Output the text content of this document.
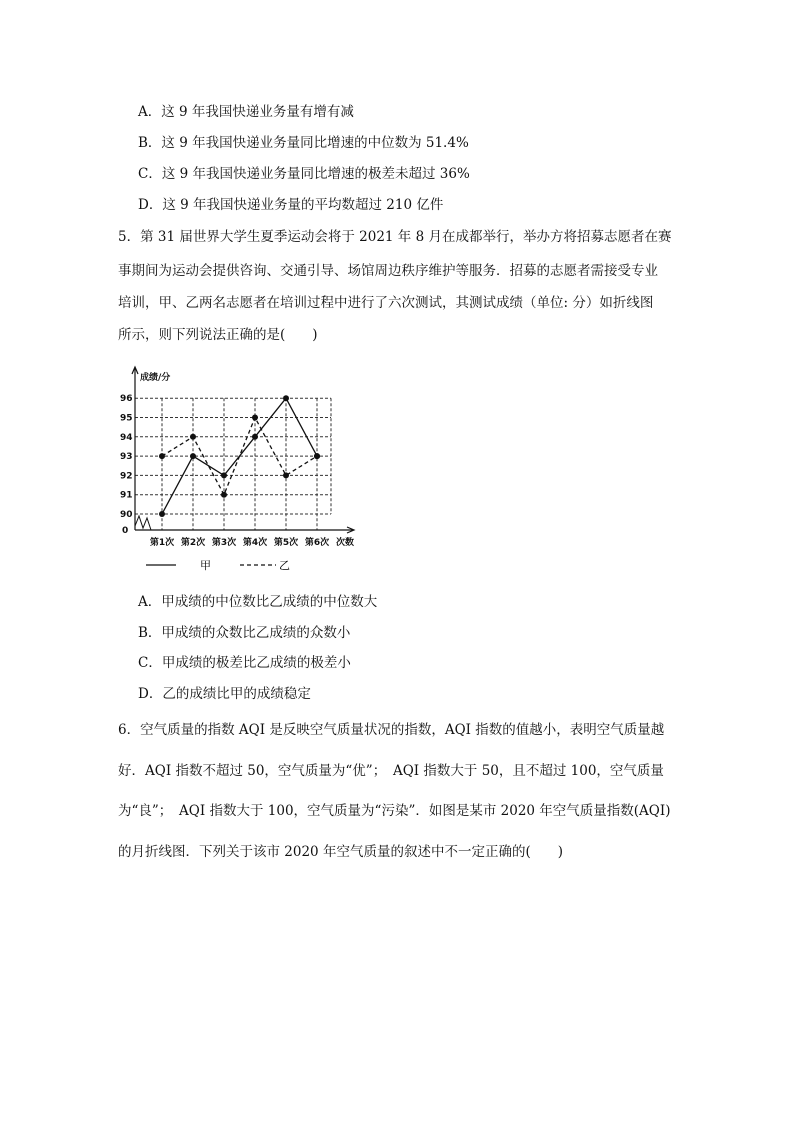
A．这 9 年我国快递业务量有增有减
B．这 9 年我国快递业务量同比增速的中位数为 51.4%
C．这 9 年我国快递业务量同比增速的极差未超过 36%
D．这 9 年我国快递业务量的平均数超过 210 亿件
5．第 31 届世界大学生夏季运动会将于 2021 年 8 月在成都举行，举办方将招募志愿者在赛
事期间为运动会提供咨询、交通引导、场馆周边秩序维护等服务．招募的志愿者需接受专业
培训，甲、乙两名志愿者在培训过程中进行了六次测试，其测试成绩（单位: 分）如折线图
所示，则下列说法正确的是(　　)
成绩/分
0
90
91
92
93
94
95
96
第1次 第2次 第3次 第4次 第5次 第6次 次数
甲	乙
A．甲成绩的中位数比乙成绩的中位数大
B．甲成绩的众数比乙成绩的众数小
C．甲成绩的极差比乙成绩的极差小
D．乙的成绩比甲的成绩稳定
6．空气质量的指数 AQI 是反映空气质量状况的指数，AQI 指数的值越小，表明空气质量越
好．AQI 指数不超过 50，空气质量为“优”；　AQI 指数大于 50，且不超过 100，空气质量
为“良”；　AQI 指数大于 100，空气质量为“污染”．如图是某市 2020 年空气质量指数(AQI)
的月折线图．下列关于该市 2020 年空气质量的叙述中不一定正确的(　　)
